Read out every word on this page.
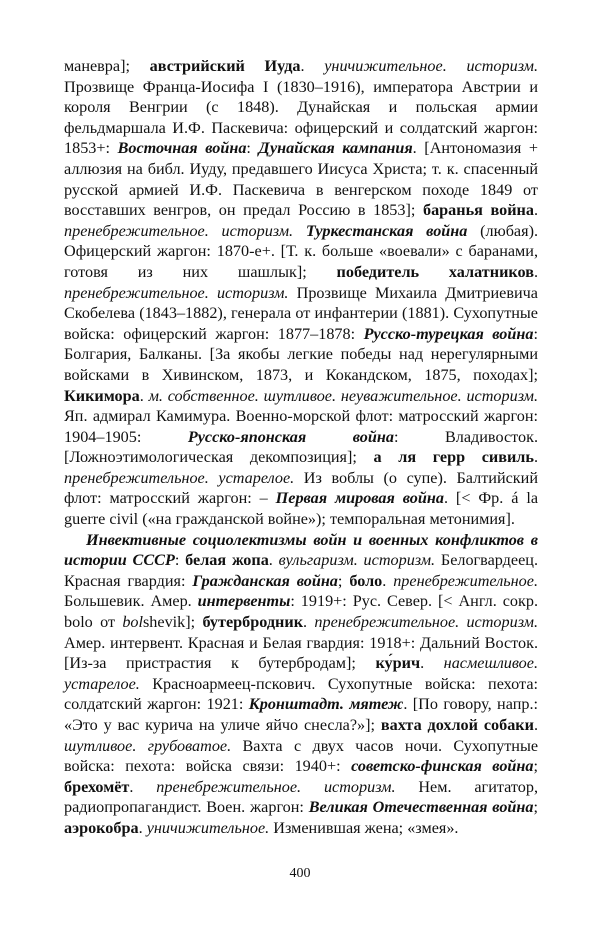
маневра]; австрийский Иуда. уничижительное. историзм. Прозвище Франца-Иосифа I (1830–1916), императора Австрии и короля Венгрии (с 1848). Дунайская и польская армии фельдмаршала И.Ф. Паскевича: офицерский и солдатский жаргон: 1853+: Восточная война: Дунайская кампания. [Антономазия + аллюзия на библ. Иуду, предавшего Иисуса Христа; т. к. спасенный русской армией И.Ф. Паскевича в венгерском походе 1849 от восставших венгров, он предал Россию в 1853]; баранья война. пренебрежительное. историзм. Туркестанская война (любая). Офицерский жаргон: 1870-е+. [Т. к. больше «воевали» с баранами, готовя из них шашлык]; победитель халатников. пренебрежительное. историзм. Прозвище Михаила Дмитриевича Скобелева (1843–1882), генерала от инфантерии (1881). Сухопутные войска: офицерский жаргон: 1877–1878: Русско-турецкая война: Болгария, Балканы. [За якобы легкие победы над нерегулярными войсками в Хивинском, 1873, и Кокандском, 1875, походах]; Кикимора. м. собственное. шутливое. неуважительное. историзм. Яп. адмирал Камимура. Военно-морской флот: матросский жаргон: 1904–1905: Русско-японская война: Владивосток. [Ложноэтимологическая декомпозиция]; а ля герр сивиль. пренебрежительное. устарелое. Из воблы (о супе). Балтийский флот: матросский жаргон: – Первая мировая война. [< Фр. á la guerre civil («на гражданской войне»); темпоральная метонимия].

Инвективные социолектизмы войн и военных конфликтов в истории СССР: белая жопа. вульгаризм. историзм. Белогвардеец. Красная гвардия: Гражданская война; боло. пренебрежительное. Большевик. Амер. интервенты: 1919+: Рус. Север. [< Англ. сокр. bolo от bolshevik]; бутербродник. пренебрежительное. историзм. Амер. интервент. Красная и Белая гвардия: 1918+: Дальний Восток. [Из-за пристрастия к бутербродам]; ку́рич. насмешливое. устарелое. Красноармеец-пскович. Сухопутные войска: пехота: солдатский жаргон: 1921: Кронштадт. мятеж. [По говору, напр.: «Это у вас курича на уличе яйчо снесла?»]; вахта дохлой собаки. шутливое. грубоватое. Вахта с двух часов ночи. Сухопутные войска: пехота: войска связи: 1940+: советско-финская война; брехомёт. пренебрежительное. историзм. Нем. агитатор, радиопропагандист. Воен. жаргон: Великая Отечественная война; аэрокобра. уничижительное. Изменившая жена; «змея».

400
